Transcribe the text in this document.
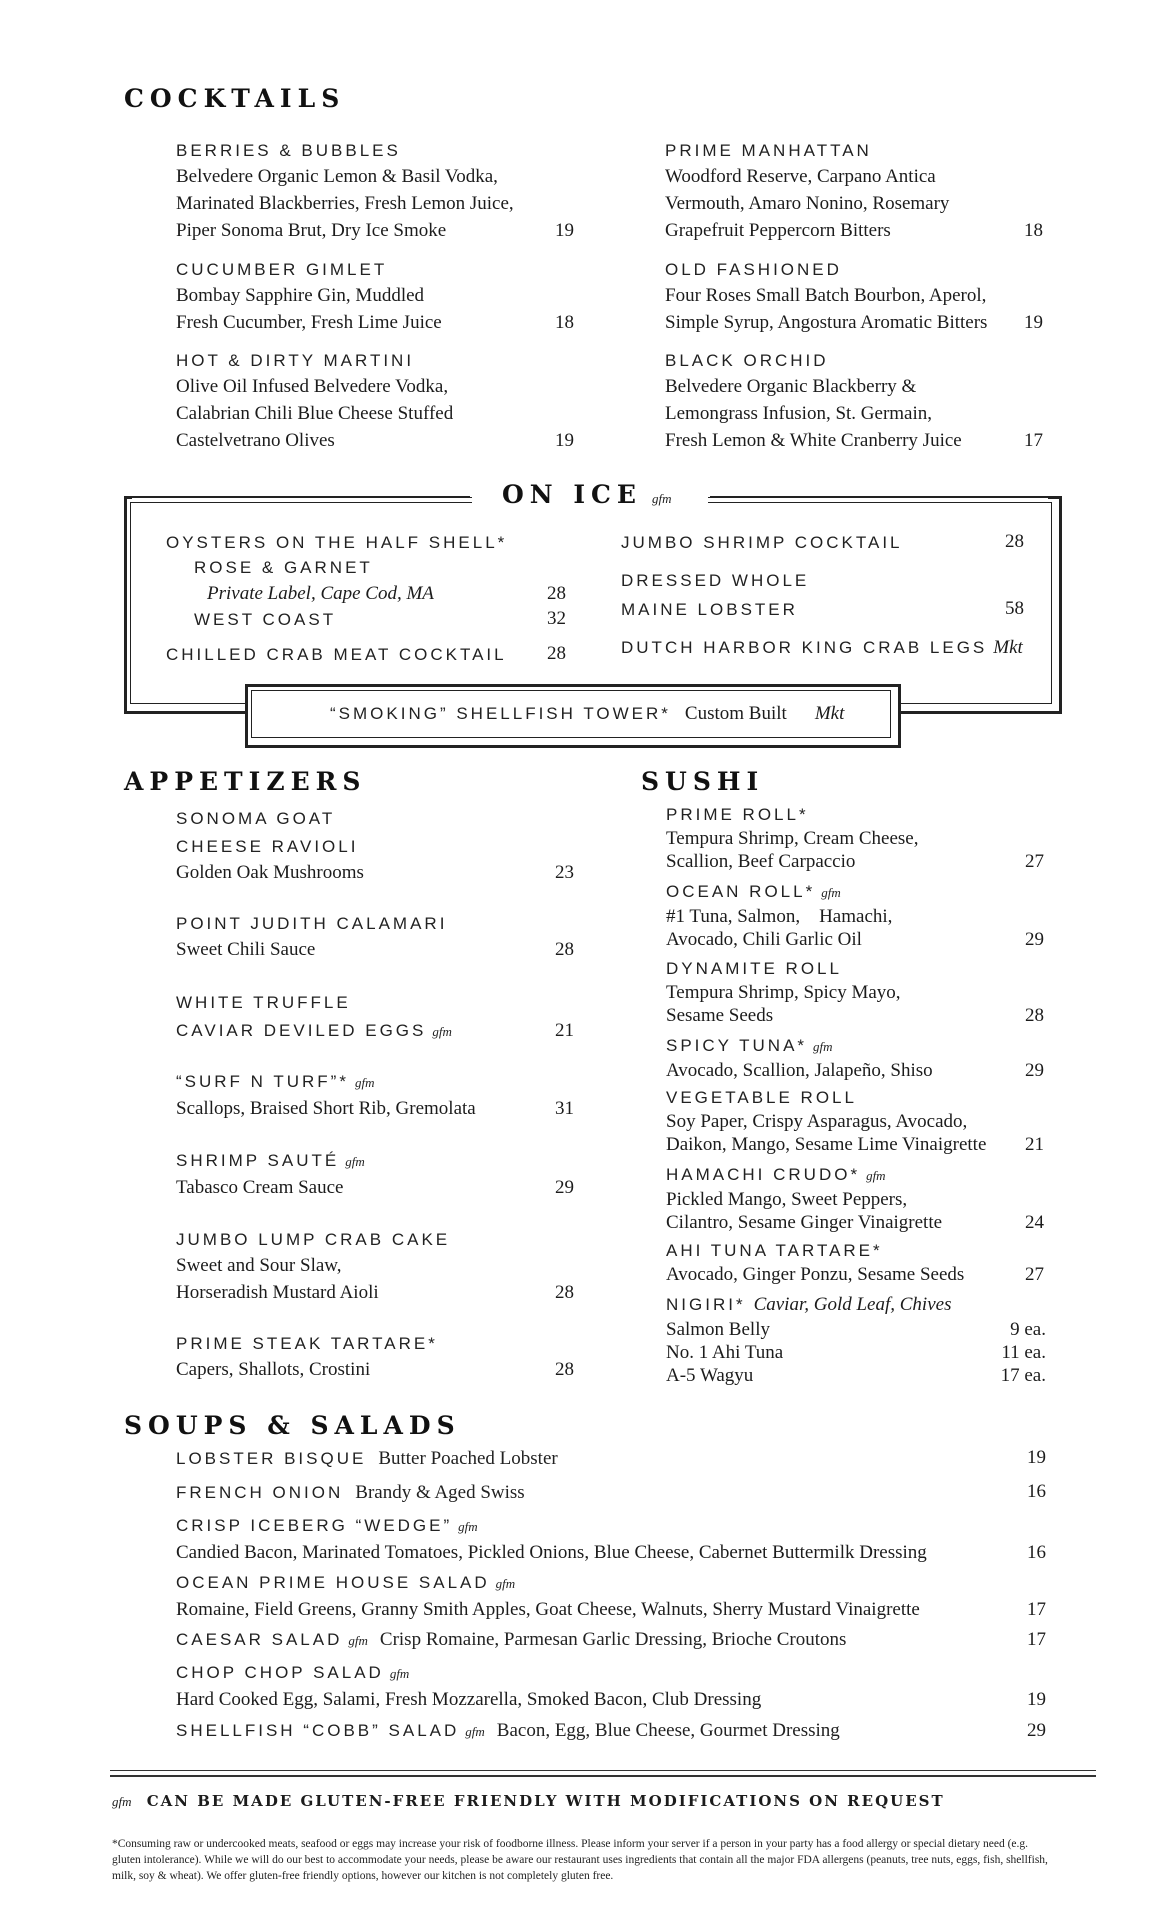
COCKTAILS
BERRIES & BUBBLES
Belvedere Organic Lemon & Basil Vodka,
Marinated Blackberries, Fresh Lemon Juice,
Piper Sonoma Brut, Dry Ice Smoke	19
CUCUMBER GIMLET
Bombay Sapphire Gin, Muddled
Fresh Cucumber, Fresh Lime Juice	18
HOT & DIRTY MARTINI
Olive Oil Infused Belvedere Vodka,
Calabrian Chili Blue Cheese Stuffed
Castelvetrano Olives	19
PRIME MANHATTAN
Woodford Reserve, Carpano Antica
Vermouth, Amaro Nonino, Rosemary
Grapefruit Peppercorn Bitters	18
OLD FASHIONED
Four Roses Small Batch Bourbon, Aperol,
Simple Syrup, Angostura Aromatic Bitters	19
BLACK ORCHID
Belvedere Organic Blackberry &
Lemongrass Infusion, St. Germain,
Fresh Lemon & White Cranberry Juice	17
ON ICE gfm
OYSTERS ON THE HALF SHELL*
ROSE & GARNET
Private Label, Cape Cod, MA	28
WEST COAST	32
CHILLED CRAB MEAT COCKTAIL	28
JUMBO SHRIMP COCKTAIL	28
DRESSED WHOLE
MAINE LOBSTER	58
DUTCH HARBOR KING CRAB LEGS Mkt
“SMOKING” SHELLFISH TOWER* Custom Built Mkt
APPETIZERS
SONOMA GOAT
CHEESE RAVIOLI
Golden Oak Mushrooms	23
POINT JUDITH CALAMARI
Sweet Chili Sauce	28
WHITE TRUFFLE
CAVIAR DEVILED EGGS gfm	21
“SURF N TURF”* gfm
Scallops, Braised Short Rib, Gremolata	31
SHRIMP SAUTÉ gfm
Tabasco Cream Sauce	29
JUMBO LUMP CRAB CAKE
Sweet and Sour Slaw,
Horseradish Mustard Aioli	28
PRIME STEAK TARTARE*
Capers, Shallots, Crostini	28
SUSHI
PRIME ROLL*
Tempura Shrimp, Cream Cheese,
Scallion, Beef Carpaccio	27
OCEAN ROLL* gfm
#1 Tuna, Salmon,    Hamachi,
Avocado, Chili Garlic Oil	29
DYNAMITE ROLL
Tempura Shrimp, Spicy Mayo,
Sesame Seeds	28
SPICY TUNA* gfm
Avocado, Scallion, Jalapeño, Shiso	29
VEGETABLE ROLL
Soy Paper, Crispy Asparagus, Avocado,
Daikon, Mango, Sesame Lime Vinaigrette	21
HAMACHI CRUDO* gfm
Pickled Mango, Sweet Peppers,
Cilantro, Sesame Ginger Vinaigrette	24
AHI TUNA TARTARE*
Avocado, Ginger Ponzu, Sesame Seeds	27
NIGIRI* Caviar, Gold Leaf, Chives
Salmon Belly	9 ea.
No. 1 Ahi Tuna	11 ea.
A-5 Wagyu	17 ea.
SOUPS & SALADS
LOBSTER BISQUE Butter Poached Lobster	19
FRENCH ONION Brandy & Aged Swiss	16
CRISP ICEBERG “WEDGE” gfm
Candied Bacon, Marinated Tomatoes, Pickled Onions, Blue Cheese, Cabernet Buttermilk Dressing	16
OCEAN PRIME HOUSE SALAD gfm
Romaine, Field Greens, Granny Smith Apples, Goat Cheese, Walnuts, Sherry Mustard Vinaigrette	17
CAESAR SALAD gfm Crisp Romaine, Parmesan Garlic Dressing, Brioche Croutons	17
CHOP CHOP SALAD gfm
Hard Cooked Egg, Salami, Fresh Mozzarella, Smoked Bacon, Club Dressing	19
SHELLFISH “COBB” SALAD gfm Bacon, Egg, Blue Cheese, Gourmet Dressing	29
gfm CAN BE MADE GLUTEN-FREE FRIENDLY WITH MODIFICATIONS ON REQUEST
*Consuming raw or undercooked meats, seafood or eggs may increase your risk of foodborne illness. Please inform your server if a person in your party has a food allergy or special dietary need (e.g. gluten intolerance). While we will do our best to accommodate your needs, please be aware our restaurant uses ingredients that contain all the major FDA allergens (peanuts, tree nuts, eggs, fish, shellfish, milk, soy & wheat). We offer gluten-free friendly options, however our kitchen is not completely gluten free.
